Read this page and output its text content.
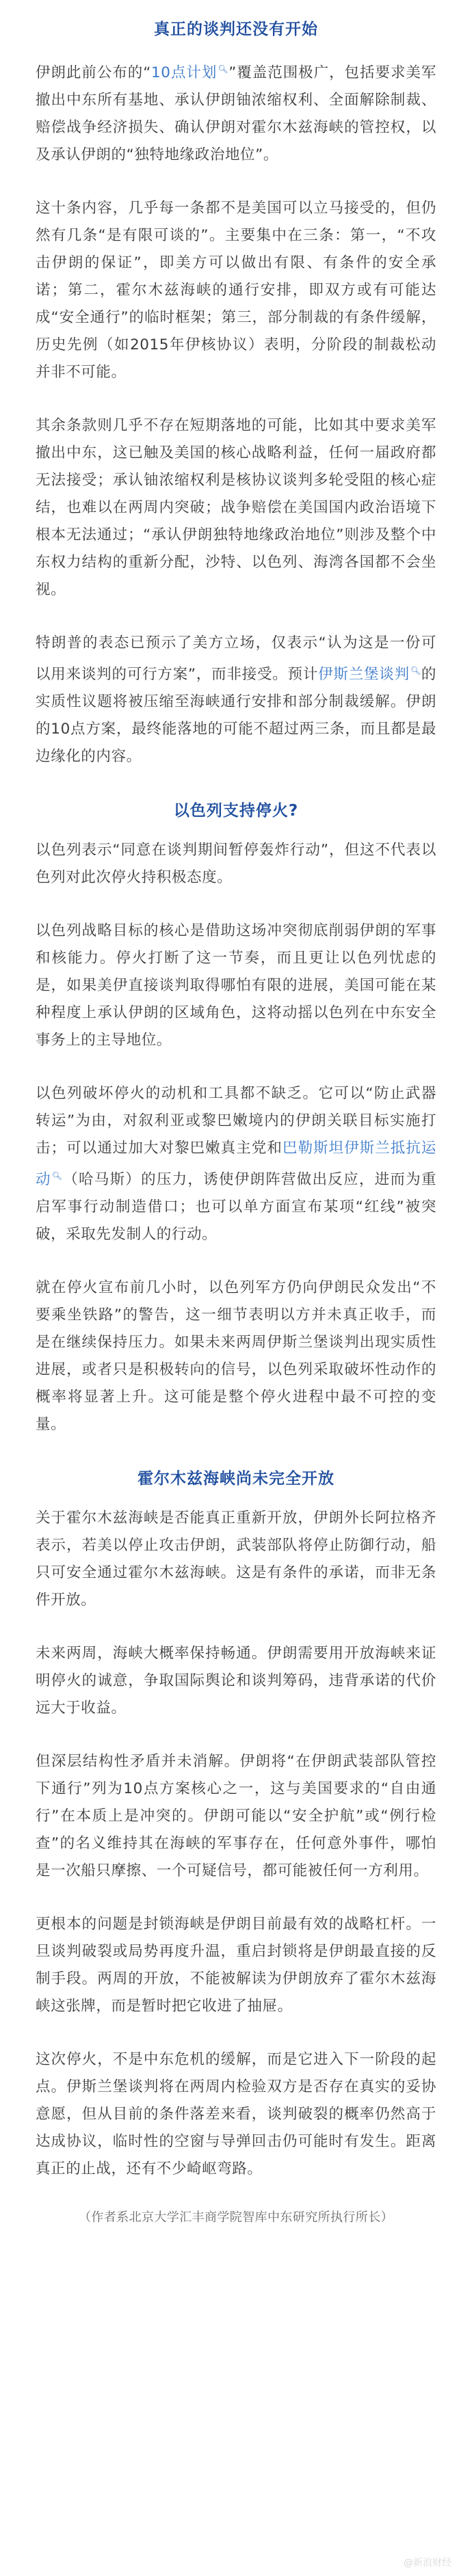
真正的谈判还没有开始

伊朗此前公布的“10点计划🔍︎”覆盖范围极广，包括要求美军撤出中东所有基地、承认伊朗铀浓缩权利、全面解除制裁、赔偿战争经济损失、确认伊朗对霍尔木兹海峡的管控权，以及承认伊朗的“独特地缘政治地位”。

这十条内容，几乎每一条都不是美国可以立马接受的，但仍然有几条“是有限可谈的”。主要集中在三条：第一，“不攻击伊朗的保证”，即美方可以做出有限、有条件的安全承诺；第二，霍尔木兹海峡的通行安排，即双方或有可能达成“安全通行”的临时框架；第三，部分制裁的有条件缓解，历史先例（如2015年伊核协议）表明，分阶段的制裁松动并非不可能。

其余条款则几乎不存在短期落地的可能，比如其中要求美军撤出中东，这已触及美国的核心战略利益，任何一届政府都无法接受；承认铀浓缩权利是核协议谈判多轮受阻的核心症结，也难以在两周内突破；战争赔偿在美国国内政治语境下根本无法通过；“承认伊朗独特地缘政治地位”则涉及整个中东权力结构的重新分配，沙特、以色列、海湾各国都不会坐视。

特朗普的表态已预示了美方立场，仅表示“认为这是一份可以用来谈判的可行方案”，而非接受。预计伊斯兰堡谈判🔍︎的实质性议题将被压缩至海峡通行安排和部分制裁缓解。伊朗的10点方案，最终能落地的可能不超过两三条，而且都是最边缘化的内容。

以色列支持停火?

以色列表示“同意在谈判期间暂停轰炸行动”，但这不代表以色列对此次停火持积极态度。

以色列战略目标的核心是借助这场冲突彻底削弱伊朗的军事和核能力。停火打断了这一节奏，而且更让以色列忧虑的是，如果美伊直接谈判取得哪怕有限的进展，美国可能在某种程度上承认伊朗的区域角色，这将动摇以色列在中东安全事务上的主导地位。

以色列破坏停火的动机和工具都不缺乏。它可以“防止武器转运”为由，对叙利亚或黎巴嫩境内的伊朗关联目标实施打击；可以通过加大对黎巴嫩真主党和巴勒斯坦伊斯兰抵抗运动🔍︎（哈马斯）的压力，诱使伊朗阵营做出反应，进而为重启军事行动制造借口；也可以单方面宣布某项“红线”被突破，采取先发制人的行动。

就在停火宣布前几小时，以色列军方仍向伊朗民众发出“不要乘坐铁路”的警告，这一细节表明以方并未真正收手，而是在继续保持压力。如果未来两周伊斯兰堡谈判出现实质性进展，或者只是积极转向的信号，以色列采取破坏性动作的概率将显著上升。这可能是整个停火进程中最不可控的变量。

霍尔木兹海峡尚未完全开放

关于霍尔木兹海峡是否能真正重新开放，伊朗外长阿拉格齐表示，若美以停止攻击伊朗，武装部队将停止防御行动，船只可安全通过霍尔木兹海峡。这是有条件的承诺，而非无条件开放。

未来两周，海峡大概率保持畅通。伊朗需要用开放海峡来证明停火的诚意，争取国际舆论和谈判筹码，违背承诺的代价远大于收益。

但深层结构性矛盾并未消解。伊朗将“在伊朗武装部队管控下通行”列为10点方案核心之一，这与美国要求的“自由通行”在本质上是冲突的。伊朗可能以“安全护航”或“例行检查”的名义维持其在海峡的军事存在，任何意外事件，哪怕是一次船只摩擦、一个可疑信号，都可能被任何一方利用。

更根本的问题是封锁海峡是伊朗目前最有效的战略杠杆。一旦谈判破裂或局势再度升温，重启封锁将是伊朗最直接的反制手段。两周的开放，不能被解读为伊朗放弃了霍尔木兹海峡这张牌，而是暂时把它收进了抽屉。

这次停火，不是中东危机的缓解，而是它进入下一阶段的起点。伊斯兰堡谈判将在两周内检验双方是否存在真实的妥协意愿，但从目前的条件落差来看，谈判破裂的概率仍然高于达成协议，临时性的空窗与导弹回击仍可能时有发生。距离真正的止战，还有不少崎岖弯路。

（作者系北京大学汇丰商学院智库中东研究所执行所长）

@新浪财经
